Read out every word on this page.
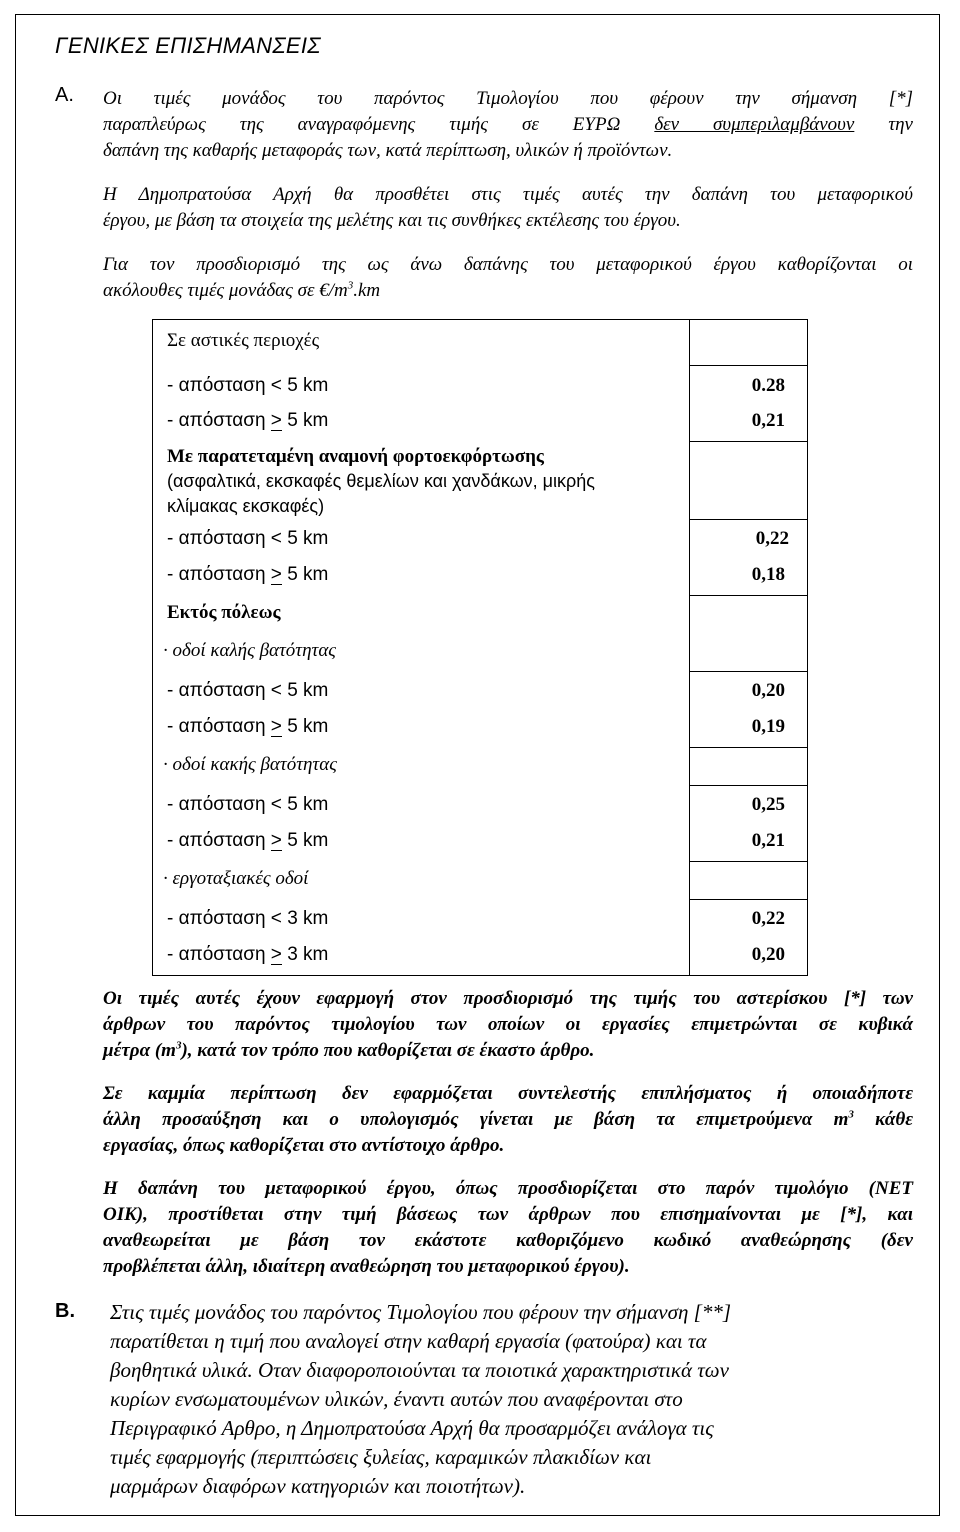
ΓΕΝΙΚΕΣ ΕΠΙΣΗΜΑΝΣΕΙΣ
Α. Οι τιμές μονάδος του παρόντος Τιμολογίου που φέρουν την σήμανση [*]
παραπλεύρως της αναγραφόμενης τιμής σε ΕΥΡΩ δεν συμπεριλαμβάνουν την
δαπάνη της καθαρής μεταφοράς των, κατά περίπτωση, υλικών ή προϊόντων.

Η Δημοπρατούσα Αρχή θα προσθέτει στις τιμές αυτές την δαπάνη του μεταφορικού
έργου, με βάση τα στοιχεία της μελέτης και τις συνθήκες εκτέλεσης του έργου.

Για τον προσδιορισμό της ως άνω δαπάνης του μεταφορικού έργου καθορίζονται οι
ακόλουθες τιμές μονάδας σε $€/m^3.km$

Σε αστικές περιοχές	
- απόσταση < 5 km	0.28
- απόσταση > 5 km	0,21

Με παρατεταμένη αναμονή φορτοεκφόρτωσης
(ασφαλτικά, εκσκαφές θεμελίων και χανδάκων, μικρής
κλίμακας εκσκαφές)	

- απόσταση < 5 km	0,22
- απόσταση > 5 km	0,18
Εκτός πόλεως	
· οδοί καλής βατότητας	
- απόσταση < 5 km	0,20
- απόσταση > 5 km	0,19
· οδοί κακής βατότητας	
- απόσταση < 5 km	0,25
- απόσταση > 5 km	0,21
· εργοταξιακές οδοί	
- απόσταση < 3 km	0,22
- απόσταση > 3 km	0,20

Οι τιμές αυτές έχουν εφαρμογή στον προσδιορισμό της τιμής του αστερίσκου [*] των
άρθρων του παρόντος τιμολογίου των οποίων οι εργασίες επιμετρώνται σε κυβικά
μέτρα $(m^3)$, κατά τον τρόπο που καθορίζεται σε έκαστο άρθρο.

Σε καμμία περίπτωση δεν εφαρμόζεται συντελεστής επιπλήσματος ή οποιαδήποτε
άλλη προσαύξηση και ο υπολογισμός γίνεται με βάση τα επιμετρούμενα $m^3$ κάθε
εργασίας, όπως καθορίζεται στο αντίστοιχο άρθρο.

Η δαπάνη του μεταφορικού έργου, όπως προσδιορίζεται στο παρόν τιμολόγιο (ΝΕΤ
ΟΙΚ), προστίθεται στην τιμή βάσεως των άρθρων που επισημαίνονται με [*], και
αναθεωρείται με βάση τον εκάστοτε καθοριζόμενο κωδικό αναθεώρησης (δεν
προβλέπεται άλλη, ιδιαίτερη αναθεώρηση του μεταφορικού έργου).

Β. Στις τιμές μονάδος του παρόντος Τιμολογίου που φέρουν την σήμανση [**]
παρατίθεται η τιμή που αναλογεί στην καθαρή εργασία (φατούρα) και τα
βοηθητικά υλικά. Οταν διαφοροποιούνται τα ποιοτικά χαρακτηριστικά των
κυρίων ενσωματουμένων υλικών, έναντι αυτών που αναφέρονται στο
Περιγραφικό Αρθρο, η Δημοπρατούσα Αρχή θα προσαρμόζει ανάλογα τις
τιμές εφαρμογής (περιπτώσεις ξυλείας, καραμικών πλακιδίων και
μαρμάρων διαφόρων κατηγοριών και ποιοτήτων).
